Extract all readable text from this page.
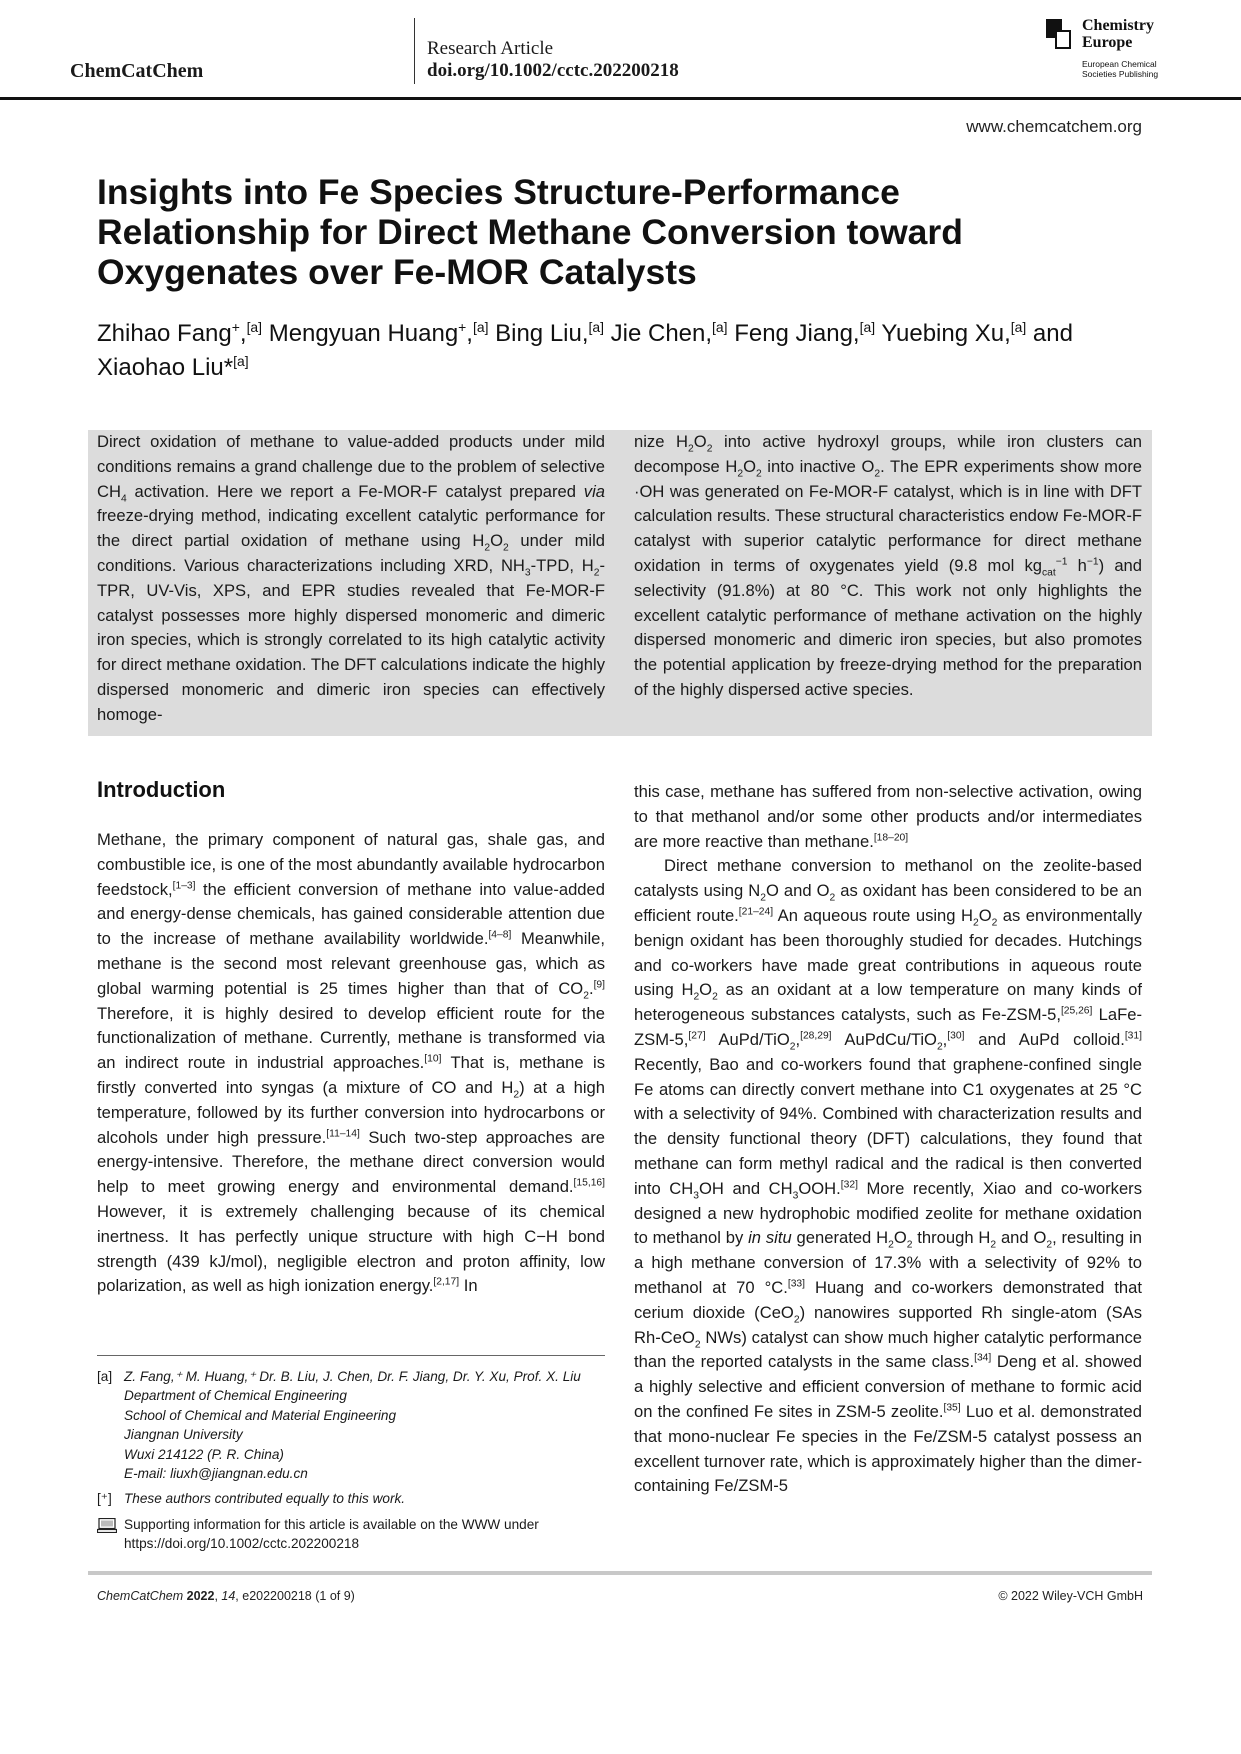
ChemCatChem
Research Article
doi.org/10.1002/cctc.202200218
Chemistry
Europe
European Chemical
Societies Publishing
www.chemcatchem.org
Insights into Fe Species Structure-Performance Relationship for Direct Methane Conversion toward Oxygenates over Fe-MOR Catalysts
Zhihao Fang+,[a] Mengyuan Huang+,[a] Bing Liu,[a] Jie Chen,[a] Feng Jiang,[a] Yuebing Xu,[a] and
Xiaohao Liu*[a]

Direct oxidation of methane to value-added products under mild conditions remains a grand challenge due to the problem of selective $CH_4$ activation. Here we report a Fe-MOR-F catalyst prepared via freeze-drying method, indicating excellent catalytic performance for the direct partial oxidation of methane using $H_2O_2$ under mild conditions. Various characterizations including XRD, $NH_3$-TPD, $H_2$-TPR, UV-Vis, XPS, and EPR studies revealed that Fe-MOR-F catalyst possesses more highly dispersed monomeric and dimeric iron species, which is strongly correlated to its high catalytic activity for direct methane oxidation. The DFT calculations indicate the highly dispersed monomeric and dimeric iron species can effectively homoge-

nize $H_2O_2$ into active hydroxyl groups, while iron clusters can decompose $H_2O_2$ into inactive $O_2$. The EPR experiments show more ·OH was generated on Fe-MOR-F catalyst, which is in line with DFT calculation results. These structural characteristics endow Fe-MOR-F catalyst with superior catalytic performance for direct methane oxidation in terms of oxygenates yield (9.8 mol $kg_{cat}^{-1}$ $h^{-1}$) and selectivity (91.8%) at 80 °C. This work not only highlights the excellent catalytic performance of methane activation on the highly dispersed monomeric and dimeric iron species, but also promotes the potential application by freeze-drying method for the preparation of the highly dispersed active species.

Introduction

Methane, the primary component of natural gas, shale gas, and combustible ice, is one of the most abundantly available hydrocarbon feedstock,[1–3] the efficient conversion of methane into value-added and energy-dense chemicals, has gained considerable attention due to the increase of methane availability worldwide.[4–8] Meanwhile, methane is the second most relevant greenhouse gas, which as global warming potential is 25 times higher than that of $CO_2.[9]$ Therefore, it is highly desired to develop efficient route for the functionalization of methane. Currently, methane is transformed via an indirect route in industrial approaches.[10] That is, methane is firstly converted into syngas (a mixture of CO and $H_2$) at a high temperature, followed by its further conversion into hydrocarbons or alcohols under high pressure.[11–14] Such two-step approaches are energy-intensive. Therefore, the methane direct conversion would help to meet growing energy and environmental demand.[15,16] However, it is extremely challenging because of its chemical inertness. It has perfectly unique structure with high C−H bond strength (439 kJ/mol), negligible electron and proton affinity, low polarization, as well as high ionization energy.[2,17] In

this case, methane has suffered from non-selective activation, owing to that methanol and/or some other products and/or intermediates are more reactive than methane.[18–20]

Direct methane conversion to methanol on the zeolite-based catalysts using $N_2O$ and $O_2$ as oxidant has been considered to be an efficient route.[21–24] An aqueous route using $H_2O_2$ as environmentally benign oxidant has been thoroughly studied for decades. Hutchings and co-workers have made great contributions in aqueous route using $H_2O_2$ as an oxidant at a low temperature on many kinds of heterogeneous substances catalysts, such as Fe-ZSM-5,[25,26] LaFe-ZSM-5,[27] AuPd/TiO$_2$,[28,29] AuPdCu/TiO$_2$,[30] and AuPd colloid.[31] Recently, Bao and co-workers found that graphene-confined single Fe atoms can directly convert methane into C1 oxygenates at 25 °C with a selectivity of 94%. Combined with characterization results and the density functional theory (DFT) calculations, they found that methane can form methyl radical and the radical is then converted into $CH_3OH$ and $CH_3OOH.[32]$ More recently, Xiao and co-workers designed a new hydrophobic modified zeolite for methane oxidation to methanol by in situ generated $H_2O_2$ through $H_2$ and $O_2$, resulting in a high methane conversion of 17.3% with a selectivity of 92% to methanol at 70 °C.[33] Huang and co-workers demonstrated that cerium dioxide (CeO$_2$) nanowires supported Rh single-atom (SAs Rh-CeO$_2$ NWs) catalyst can show much higher catalytic performance than the reported catalysts in the same class.[34] Deng et al. showed a highly selective and efficient conversion of methane to formic acid on the confined Fe sites in ZSM-5 zeolite.[35] Luo et al. demonstrated that mono-nuclear Fe species in the Fe/ZSM-5 catalyst possess an excellent turnover rate, which is approximately higher than the dimer-containing Fe/ZSM-5

[a] Z. Fang,⁺ M. Huang,⁺ Dr. B. Liu, J. Chen, Dr. F. Jiang, Dr. Y. Xu, Prof. X. Liu
Department of Chemical Engineering
School of Chemical and Material Engineering
Jiangnan University
Wuxi 214122 (P. R. China)
E-mail: liuxh@jiangnan.edu.cn
[⁺] These authors contributed equally to this work.
Supporting information for this article is available on the WWW under https://doi.org/10.1002/cctc.202200218
ChemCatChem 2022, 14, e202200218 (1 of 9)	© 2022 Wiley-VCH GmbH
